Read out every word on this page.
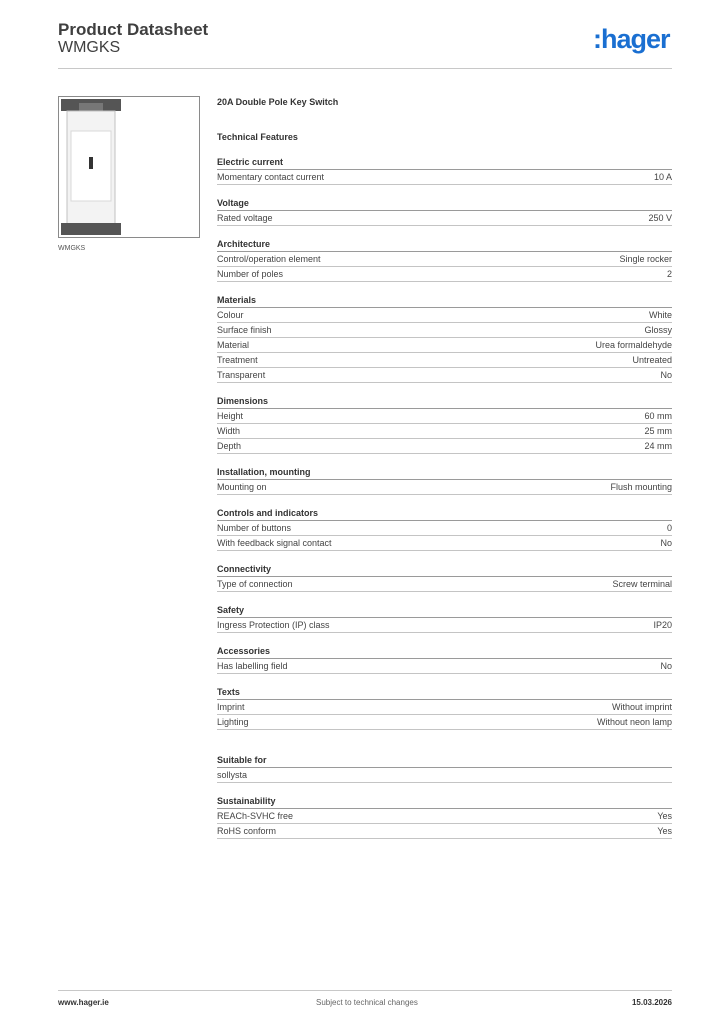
Product Datasheet
WMGKS	:hager
WMGKS
20A Double Pole Key Switch
Technical Features
Electric current
Momentary contact current	10 A
Voltage
Rated voltage	250 V
Architecture
Control/operation element	Single rocker
Number of poles	2
Materials
Colour	White
Surface finish	Glossy
Material	Urea formaldehyde
Treatment	Untreated
Transparent	No
Dimensions
Height	60 mm
Width	25 mm
Depth	24 mm
Installation, mounting
Mounting on	Flush mounting
Controls and indicators
Number of buttons	0
With feedback signal contact	No
Connectivity
Type of connection	Screw terminal
Safety
Ingress Protection (IP) class	IP20
Accessories
Has labelling field	No
Texts
Imprint	Without imprint
Lighting	Without neon lamp
Suitable for
sollysta
Sustainability
REACh-SVHC free	Yes
RoHS conform	Yes
www.hager.ie	Subject to technical changes	15.03.2026
